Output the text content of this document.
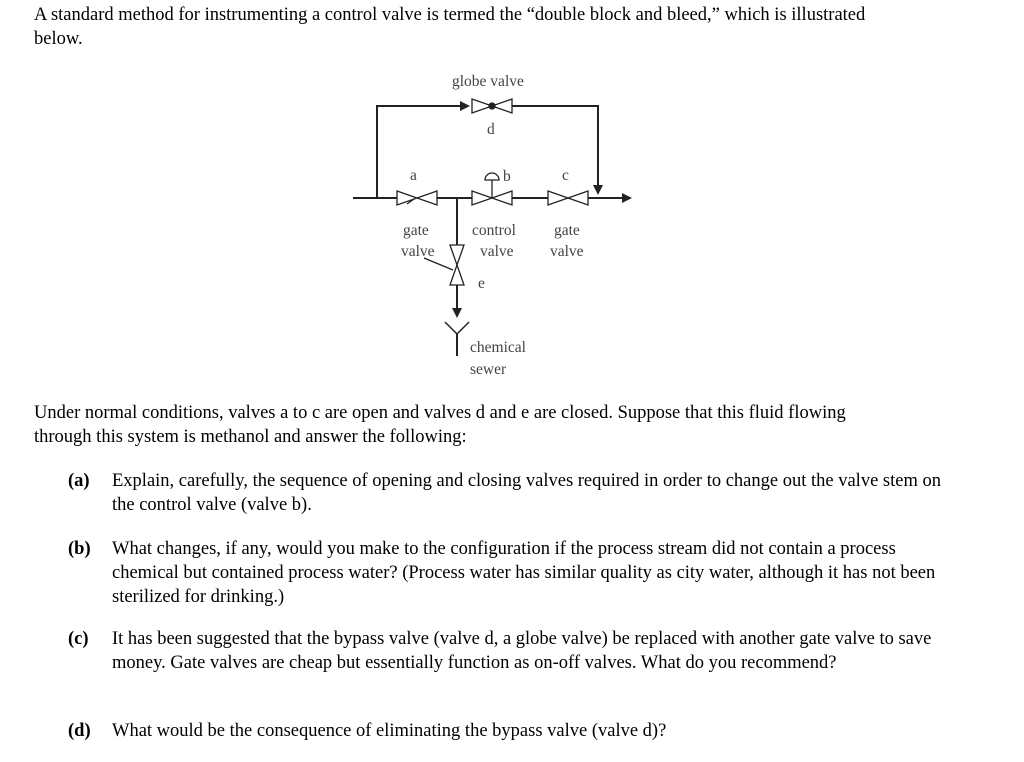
A standard method for instrumenting a control valve is termed the “double block and bleed,” which is illustrated below.
globe valve
d
a	b	c
e
gate
valve
control
valve
gate
valve
chemical
sewer
Under normal conditions, valves a to c are open and valves d and e are closed. Suppose that this fluid flowing through this system is methanol and answer the following:
(a) Explain, carefully, the sequence of opening and closing valves required in order to change out the valve stem on the control valve (valve b).
(b) What changes, if any, would you make to the configuration if the process stream did not contain a process chemical but contained process water? (Process water has similar quality as city water, although it has not been sterilized for drinking.)
(c) It has been suggested that the bypass valve (valve d, a globe valve) be replaced with another gate valve to save money. Gate valves are cheap but essentially function as on-off valves. What do you recommend?
(d) What would be the consequence of eliminating the bypass valve (valve d)?
